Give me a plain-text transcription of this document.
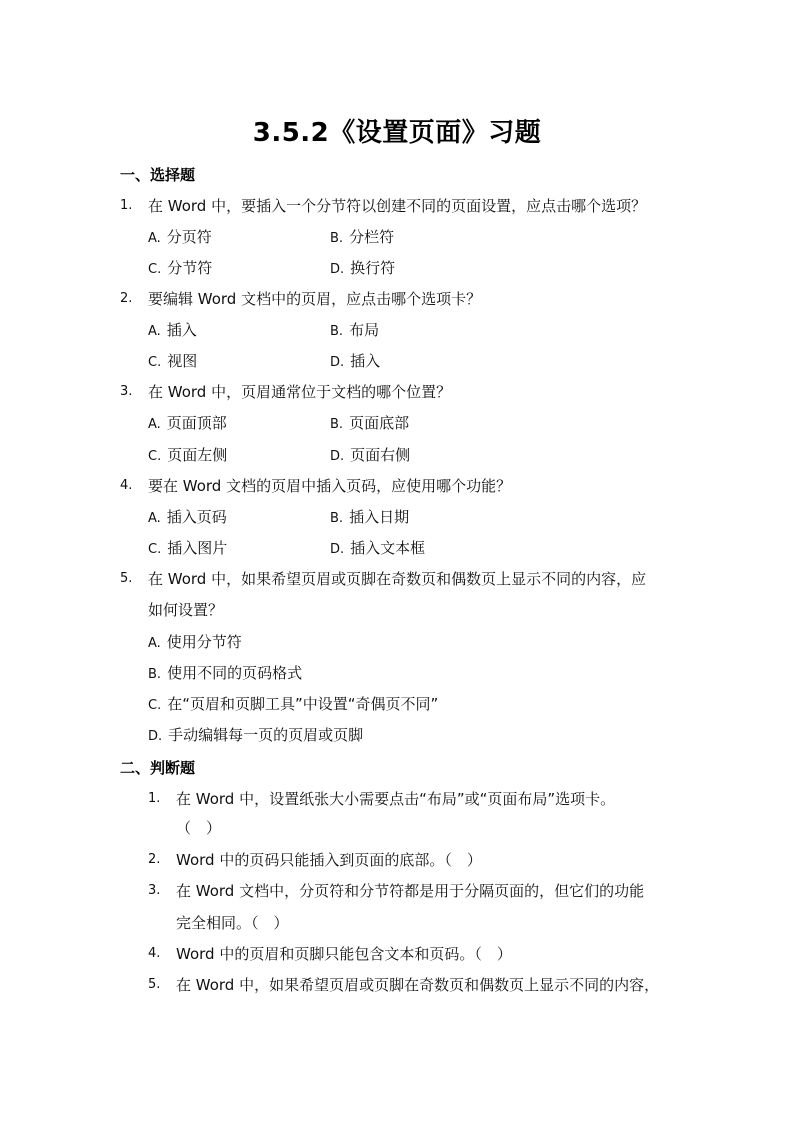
3.5.2《设置页面》习题
一、选择题
1. 在 Word 中，要插入一个分节符以创建不同的页面设置，应点击哪个选项？
A. 分页符	B. 分栏符
C. 分节符	D. 换行符
2. 要编辑 Word 文档中的页眉，应点击哪个选项卡？
A. 插入	B. 布局
C. 视图	D. 插入
3. 在 Word 中，页眉通常位于文档的哪个位置？
A. 页面顶部	B. 页面底部
C. 页面左侧	D. 页面右侧
4. 要在 Word 文档的页眉中插入页码，应使用哪个功能？
A. 插入页码	B. 插入日期
C. 插入图片	D. 插入文本框
5. 在 Word 中，如果希望页眉或页脚在奇数页和偶数页上显示不同的内容，应
如何设置？
A. 使用分节符
B. 使用不同的页码格式
C. 在“页眉和页脚工具”中设置“奇偶页不同”
D. 手动编辑每一页的页眉或页脚
二、判断题
1. 在 Word 中，设置纸张大小需要点击“布局”或“页面布局”选项卡。
（　）
2. Word 中的页码只能插入到页面的底部。（　）
3. 在 Word 文档中，分页符和分节符都是用于分隔页面的，但它们的功能
完全相同。（　）
4. Word 中的页眉和页脚只能包含文本和页码。（　）
5. 在 Word 中，如果希望页眉或页脚在奇数页和偶数页上显示不同的内容，
